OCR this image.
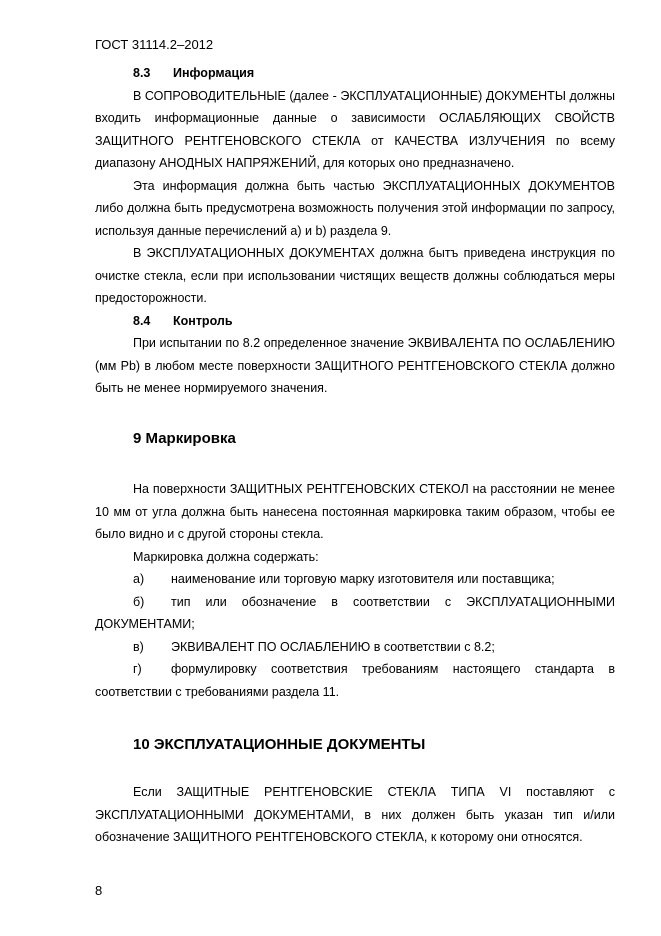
ГОСТ 31114.2–2012
8.3 Информация

В СОПРОВОДИТЕЛЬНЫЕ (далее - ЭКСПЛУАТАЦИОННЫЕ) ДОКУМЕНТЫ должны входить информационные данные о зависимости ОСЛАБЛЯЮЩИХ СВОЙСТВ ЗАЩИТНОГО РЕНТГЕНОВСКОГО СТЕКЛА от КАЧЕСТВА ИЗЛУЧЕНИЯ по всему диапазону АНОДНЫХ НАПРЯЖЕНИЙ, для которых оно предназначено.

Эта информация должна быть частью ЭКСПЛУАТАЦИОННЫХ ДОКУМЕНТОВ либо должна быть предусмотрена возможность получения этой информации по запросу, используя данные перечислений а) и b) раздела 9.

В ЭКСПЛУАТАЦИОННЫХ ДОКУМЕНТАХ должна бытъ приведена инструкция по очистке стекла, если при использовании чистящих веществ должны соблюдаться меры предосторожности.

8.4 Контроль

При испытании по 8.2 определенное значение ЭКВИВАЛЕНТА ПО ОСЛАБЛЕНИЮ (мм Pb) в любом месте поверхности ЗАЩИТНОГО РЕНТГЕНОВСКОГО СТЕКЛА должно быть не менее нормируемого значения.

9 Маркировка

На поверхности ЗАЩИТНЫХ РЕНТГЕНОВСКИХ СТЕКОЛ на расстоянии не менее 10 мм от угла должна быть нанесена постоянная маркировка таким образом, чтобы ее было видно и с другой стороны стекла.

Маркировка должна содержать:

а)	наименование или торговую марку изготовителя или поставщика;
б) тип или обозначение в соответствии с ЭКСПЛУАТАЦИОННЫМИ ДОКУМЕНТАМИ;
в)	ЭКВИВАЛЕНТ ПО ОСЛАБЛЕНИЮ в соответствии с 8.2;
г) формулировку соответствия требованиям настоящего стандарта в соответствии с требованиями раздела 11.
10 ЭКСПЛУАТАЦИОННЫЕ ДОКУМЕНТЫ

Если ЗАЩИТНЫЕ РЕНТГЕНОВСКИЕ СТЕКЛА ТИПА VI поставляют с ЭКСПЛУАТАЦИОННЫМИ ДОКУМЕНТАМИ, в них должен быть указан тип и/или обозначение ЗАЩИТНОГО РЕНТГЕНОВСКОГО СТЕКЛА, к которому они относятся.

8
